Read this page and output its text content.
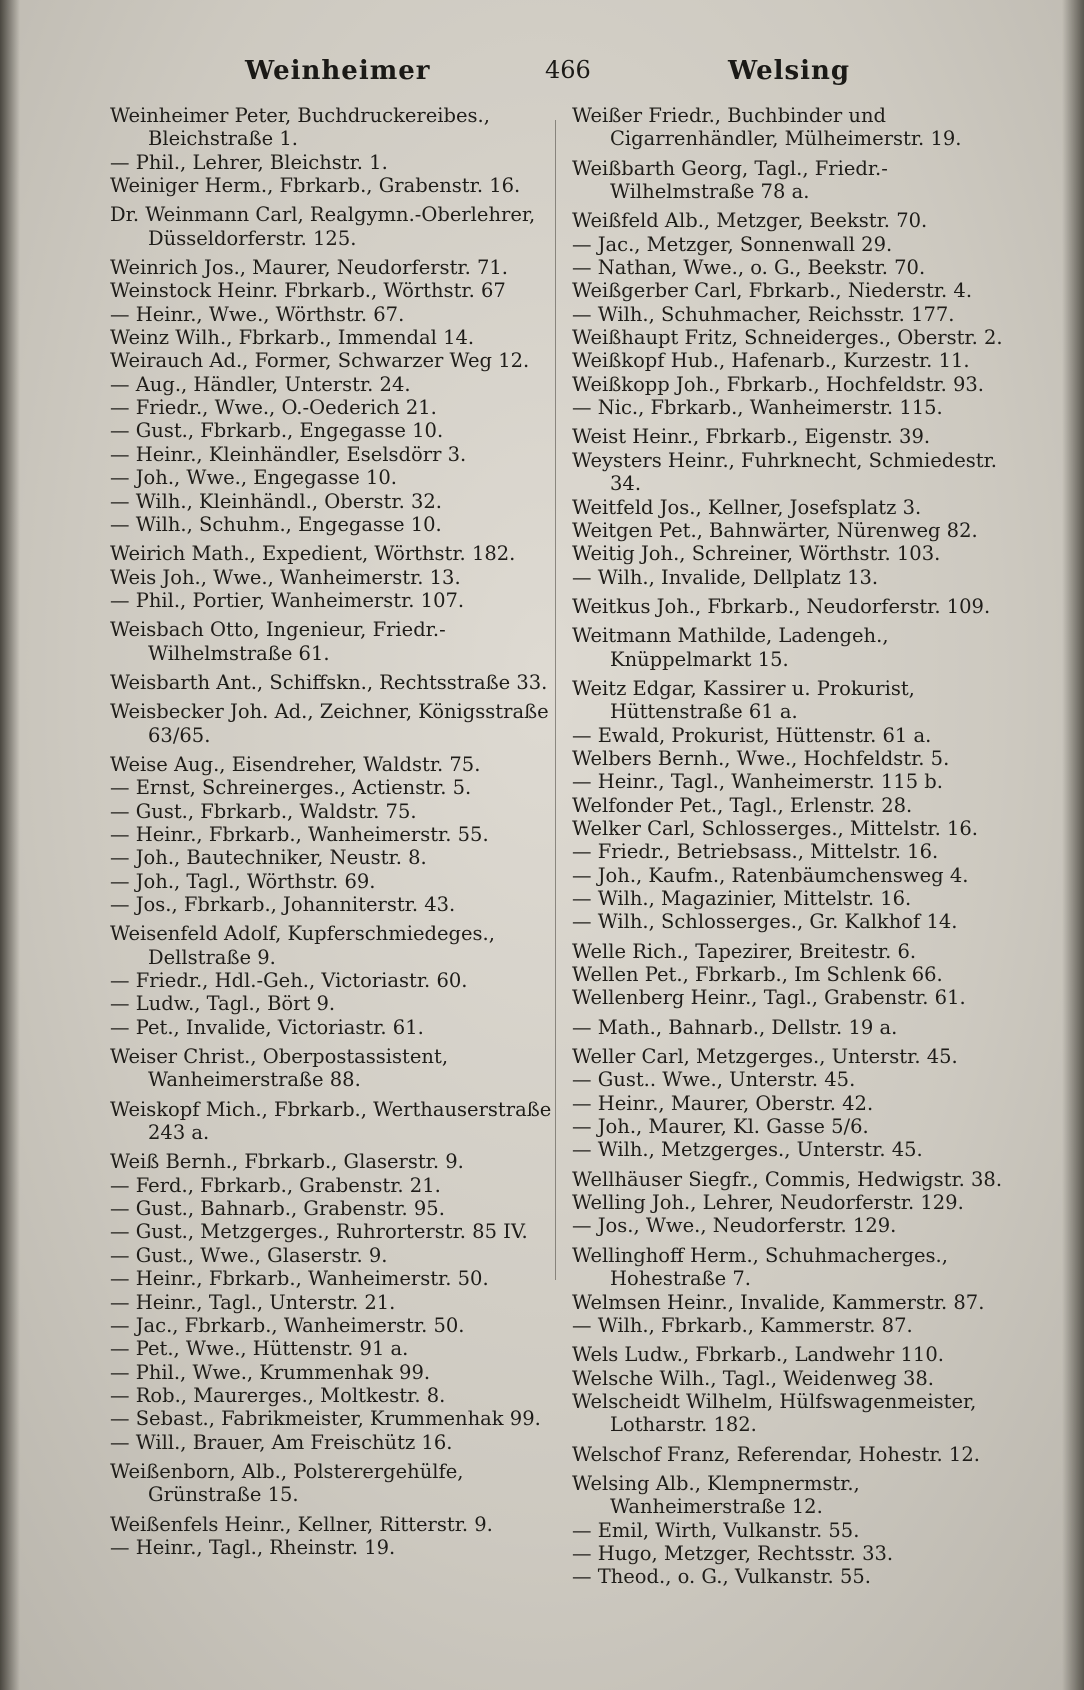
Weinheimer	466	Welsing
Weinheimer Peter, Buchdruckereibes., Bleichstraße 1.
— Phil., Lehrer, Bleichstr. 1.
Weiniger Herm., Fbrkarb., Grabenstr. 16.
Dr. Weinmann Carl, Realgymn.-Oberlehrer, Düsseldorferstr. 125.
Weinrich Jos., Maurer, Neudorferstr. 71.
Weinstock Heinr. Fbrkarb., Wörthstr. 67
— Heinr., Wwe., Wörthstr. 67.
Weinz Wilh., Fbrkarb., Immendal 14.
Weirauch Ad., Former, Schwarzer Weg 12.
— Aug., Händler, Unterstr. 24.
— Friedr., Wwe., O.-Oederich 21.
— Gust., Fbrkarb., Engegasse 10.
— Heinr., Kleinhändler, Eselsdörr 3.
— Joh., Wwe., Engegasse 10.
— Wilh., Kleinhändl., Oberstr. 32.
— Wilh., Schuhm., Engegasse 10.
Weirich Math., Expedient, Wörthstr. 182.
Weis Joh., Wwe., Wanheimerstr. 13.
— Phil., Portier, Wanheimerstr. 107.
Weisbach Otto, Ingenieur, Friedr.-Wilhelmstraße 61.
Weisbarth Ant., Schiffskn., Rechtsstraße 33.
Weisbecker Joh. Ad., Zeichner, Königsstraße 63/65.
Weise Aug., Eisendreher, Waldstr. 75.
— Ernst, Schreinerges., Actienstr. 5.
— Gust., Fbrkarb., Waldstr. 75.
— Heinr., Fbrkarb., Wanheimerstr. 55.
— Joh., Bautechniker, Neustr. 8.
— Joh., Tagl., Wörthstr. 69.
— Jos., Fbrkarb., Johanniterstr. 43.
Weisenfeld Adolf, Kupferschmiedeges., Dellstraße 9.
— Friedr., Hdl.-Geh., Victoriastr. 60.
— Ludw., Tagl., Bört 9.
— Pet., Invalide, Victoriastr. 61.
Weiser Christ., Oberpostassistent, Wanheimerstraße 88.
Weiskopf Mich., Fbrkarb., Werthauserstraße 243 a.
Weiß Bernh., Fbrkarb., Glaserstr. 9.
— Ferd., Fbrkarb., Grabenstr. 21.
— Gust., Bahnarb., Grabenstr. 95.
— Gust., Metzgerges., Ruhrorterstr. 85 IV.
— Gust., Wwe., Glaserstr. 9.
— Heinr., Fbrkarb., Wanheimerstr. 50.
— Heinr., Tagl., Unterstr. 21.
— Jac., Fbrkarb., Wanheimerstr. 50.
— Pet., Wwe., Hüttenstr. 91 a.
— Phil., Wwe., Krummenhak 99.
— Rob., Maurerges., Moltkestr. 8.
— Sebast., Fabrikmeister, Krummenhak 99.
— Will., Brauer, Am Freischütz 16.
Weißenborn, Alb., Polsterergehülfe, Grünstraße 15.
Weißenfels Heinr., Kellner, Ritterstr. 9.
— Heinr., Tagl., Rheinstr. 19.
Weißer Friedr., Buchbinder und Cigarrenhändler, Mülheimerstr. 19.
Weißbarth Georg, Tagl., Friedr.-Wilhelmstraße 78 a.
Weißfeld Alb., Metzger, Beekstr. 70.
— Jac., Metzger, Sonnenwall 29.
— Nathan, Wwe., o. G., Beekstr. 70.
Weißgerber Carl, Fbrkarb., Niederstr. 4.
— Wilh., Schuhmacher, Reichsstr. 177.
Weißhaupt Fritz, Schneiderges., Oberstr. 2.
Weißkopf Hub., Hafenarb., Kurzestr. 11.
Weißkopp Joh., Fbrkarb., Hochfeldstr. 93.
— Nic., Fbrkarb., Wanheimerstr. 115.
Weist Heinr., Fbrkarb., Eigenstr. 39.
Weysters Heinr., Fuhrknecht, Schmiedestr. 34.
Weitfeld Jos., Kellner, Josefsplatz 3.
Weitgen Pet., Bahnwärter, Nürenweg 82.
Weitig Joh., Schreiner, Wörthstr. 103.
— Wilh., Invalide, Dellplatz 13.
Weitkus Joh., Fbrkarb., Neudorferstr. 109.
Weitmann Mathilde, Ladengeh., Knüppelmarkt 15.
Weitz Edgar, Kassirer u. Prokurist, Hüttenstraße 61 a.
— Ewald, Prokurist, Hüttenstr. 61 a.
Welbers Bernh., Wwe., Hochfeldstr. 5.
— Heinr., Tagl., Wanheimerstr. 115 b.
Welfonder Pet., Tagl., Erlenstr. 28.
Welker Carl, Schlosserges., Mittelstr. 16.
— Friedr., Betriebsass., Mittelstr. 16.
— Joh., Kaufm., Ratenbäumchensweg 4.
— Wilh., Magazinier, Mittelstr. 16.
— Wilh., Schlosserges., Gr. Kalkhof 14.
Welle Rich., Tapezirer, Breitestr. 6.
Wellen Pet., Fbrkarb., Im Schlenk 66.
Wellenberg Heinr., Tagl., Grabenstr. 61.
— Math., Bahnarb., Dellstr. 19 a.
Weller Carl, Metzgerges., Unterstr. 45.
— Gust.. Wwe., Unterstr. 45.
— Heinr., Maurer, Oberstr. 42.
— Joh., Maurer, Kl. Gasse 5/6.
— Wilh., Metzgerges., Unterstr. 45.
Wellhäuser Siegfr., Commis, Hedwigstr. 38.
Welling Joh., Lehrer, Neudorferstr. 129.
— Jos., Wwe., Neudorferstr. 129.
Wellinghoff Herm., Schuhmacherges., Hohestraße 7.
Welmsen Heinr., Invalide, Kammerstr. 87.
— Wilh., Fbrkarb., Kammerstr. 87.
Wels Ludw., Fbrkarb., Landwehr 110.
Welsche Wilh., Tagl., Weidenweg 38.
Welscheidt Wilhelm, Hülfswagenmeister, Lotharstr. 182.
Welschof Franz, Referendar, Hohestr. 12.
Welsing Alb., Klempnermstr., Wanheimerstraße 12.
— Emil, Wirth, Vulkanstr. 55.
— Hugo, Metzger, Rechtsstr. 33.
— Theod., o. G., Vulkanstr. 55.
